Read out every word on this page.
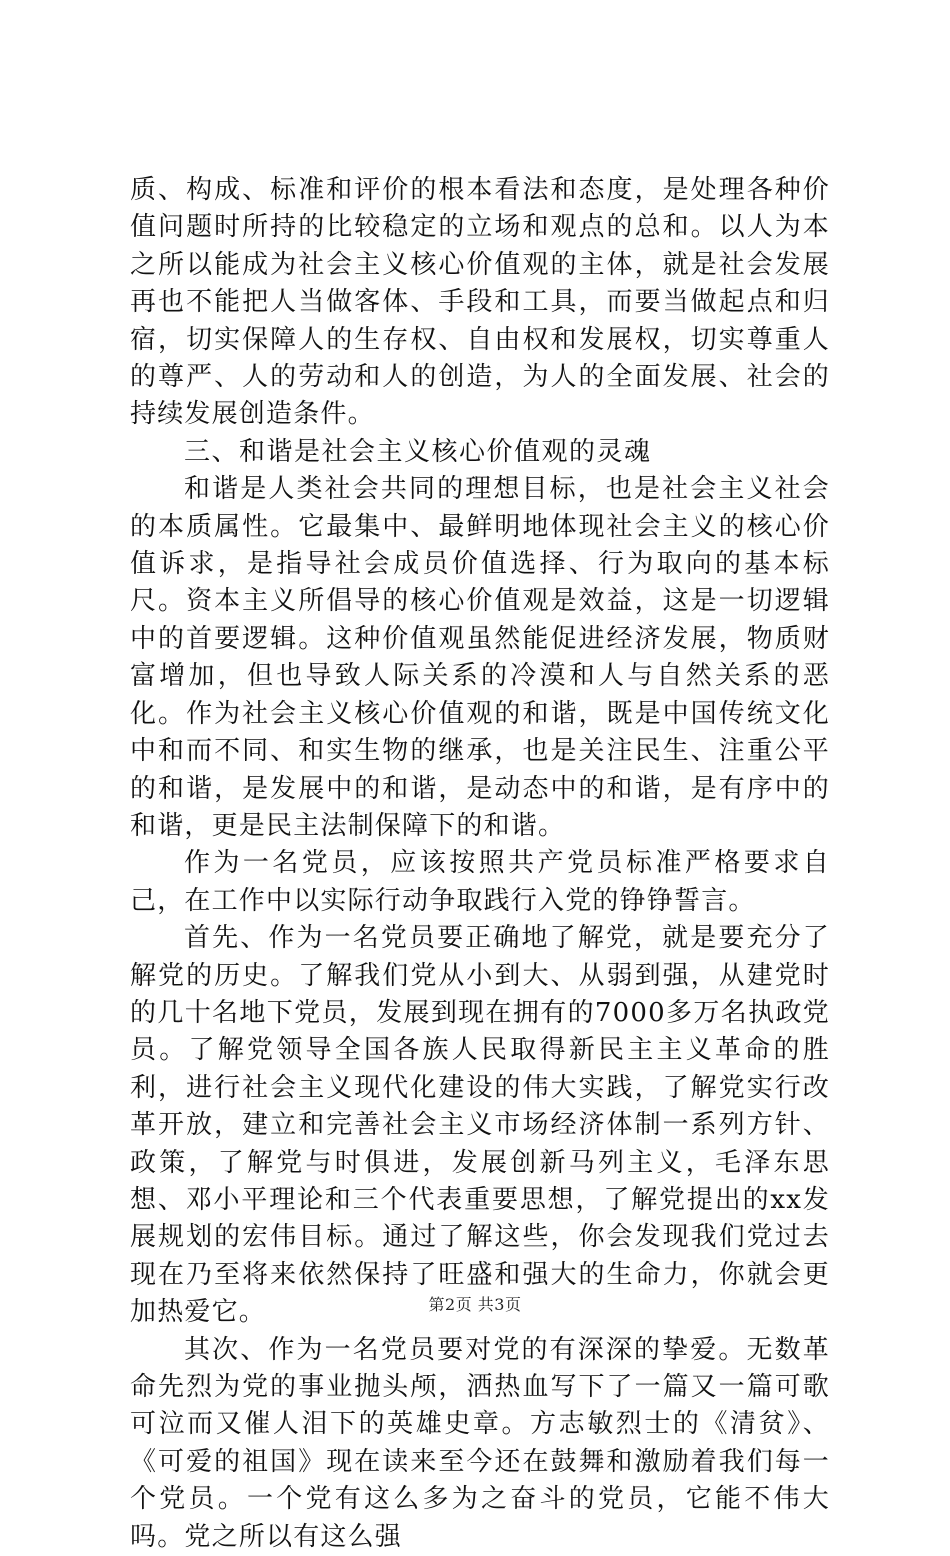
质、构成、标准和评价的根本看法和态度，是处理各种价值问题时所持的比较稳定的立场和观点的总和。以人为本之所以能成为社会主义核心价值观的主体，就是社会发展再也不能把人当做客体、手段和工具，而要当做起点和归宿，切实保障人的生存权、自由权和发展权，切实尊重人的尊严、人的劳动和人的创造，为人的全面发展、社会的持续发展创造条件。

三、和谐是社会主义核心价值观的灵魂

和谐是人类社会共同的理想目标，也是社会主义社会的本质属性。它最集中、最鲜明地体现社会主义的核心价值诉求，是指导社会成员价值选择、行为取向的基本标尺。资本主义所倡导的核心价值观是效益，这是一切逻辑中的首要逻辑。这种价值观虽然能促进经济发展，物质财富增加，但也导致人际关系的冷漠和人与自然关系的恶化。作为社会主义核心价值观的和谐，既是中国传统文化中和而不同、和实生物的继承，也是关注民生、注重公平的和谐，是发展中的和谐，是动态中的和谐，是有序中的和谐，更是民主法制保障下的和谐。

作为一名党员，应该按照共产党员标准严格要求自己，在工作中以实际行动争取践行入党的铮铮誓言。

首先、作为一名党员要正确地了解党，就是要充分了解党的历史。了解我们党从小到大、从弱到强，从建党时的几十名地下党员，发展到现在拥有的7000多万名执政党员。了解党领导全国各族人民取得新民主主义革命的胜利，进行社会主义现代化建设的伟大实践，了解党实行改革开放，建立和完善社会主义市场经济体制一系列方针、政策，了解党与时俱进，发展创新马列主义，毛泽东思想、邓小平理论和三个代表重要思想，了解党提出的xx发展规划的宏伟目标。通过了解这些，你会发现我们党过去现在乃至将来依然保持了旺盛和强大的生命力，你就会更加热爱它。

其次、作为一名党员要对党的有深深的挚爱。无数革命先烈为党的事业抛头颅，洒热血写下了一篇又一篇可歌可泣而又催人泪下的英雄史章。方志敏烈士的《清贫》、《可爱的祖国》现在读来至今还在鼓舞和激励着我们每一个党员。一个党有这么多为之奋斗的党员，它能不伟大吗。党之所以有这么强

第2页 共3页
